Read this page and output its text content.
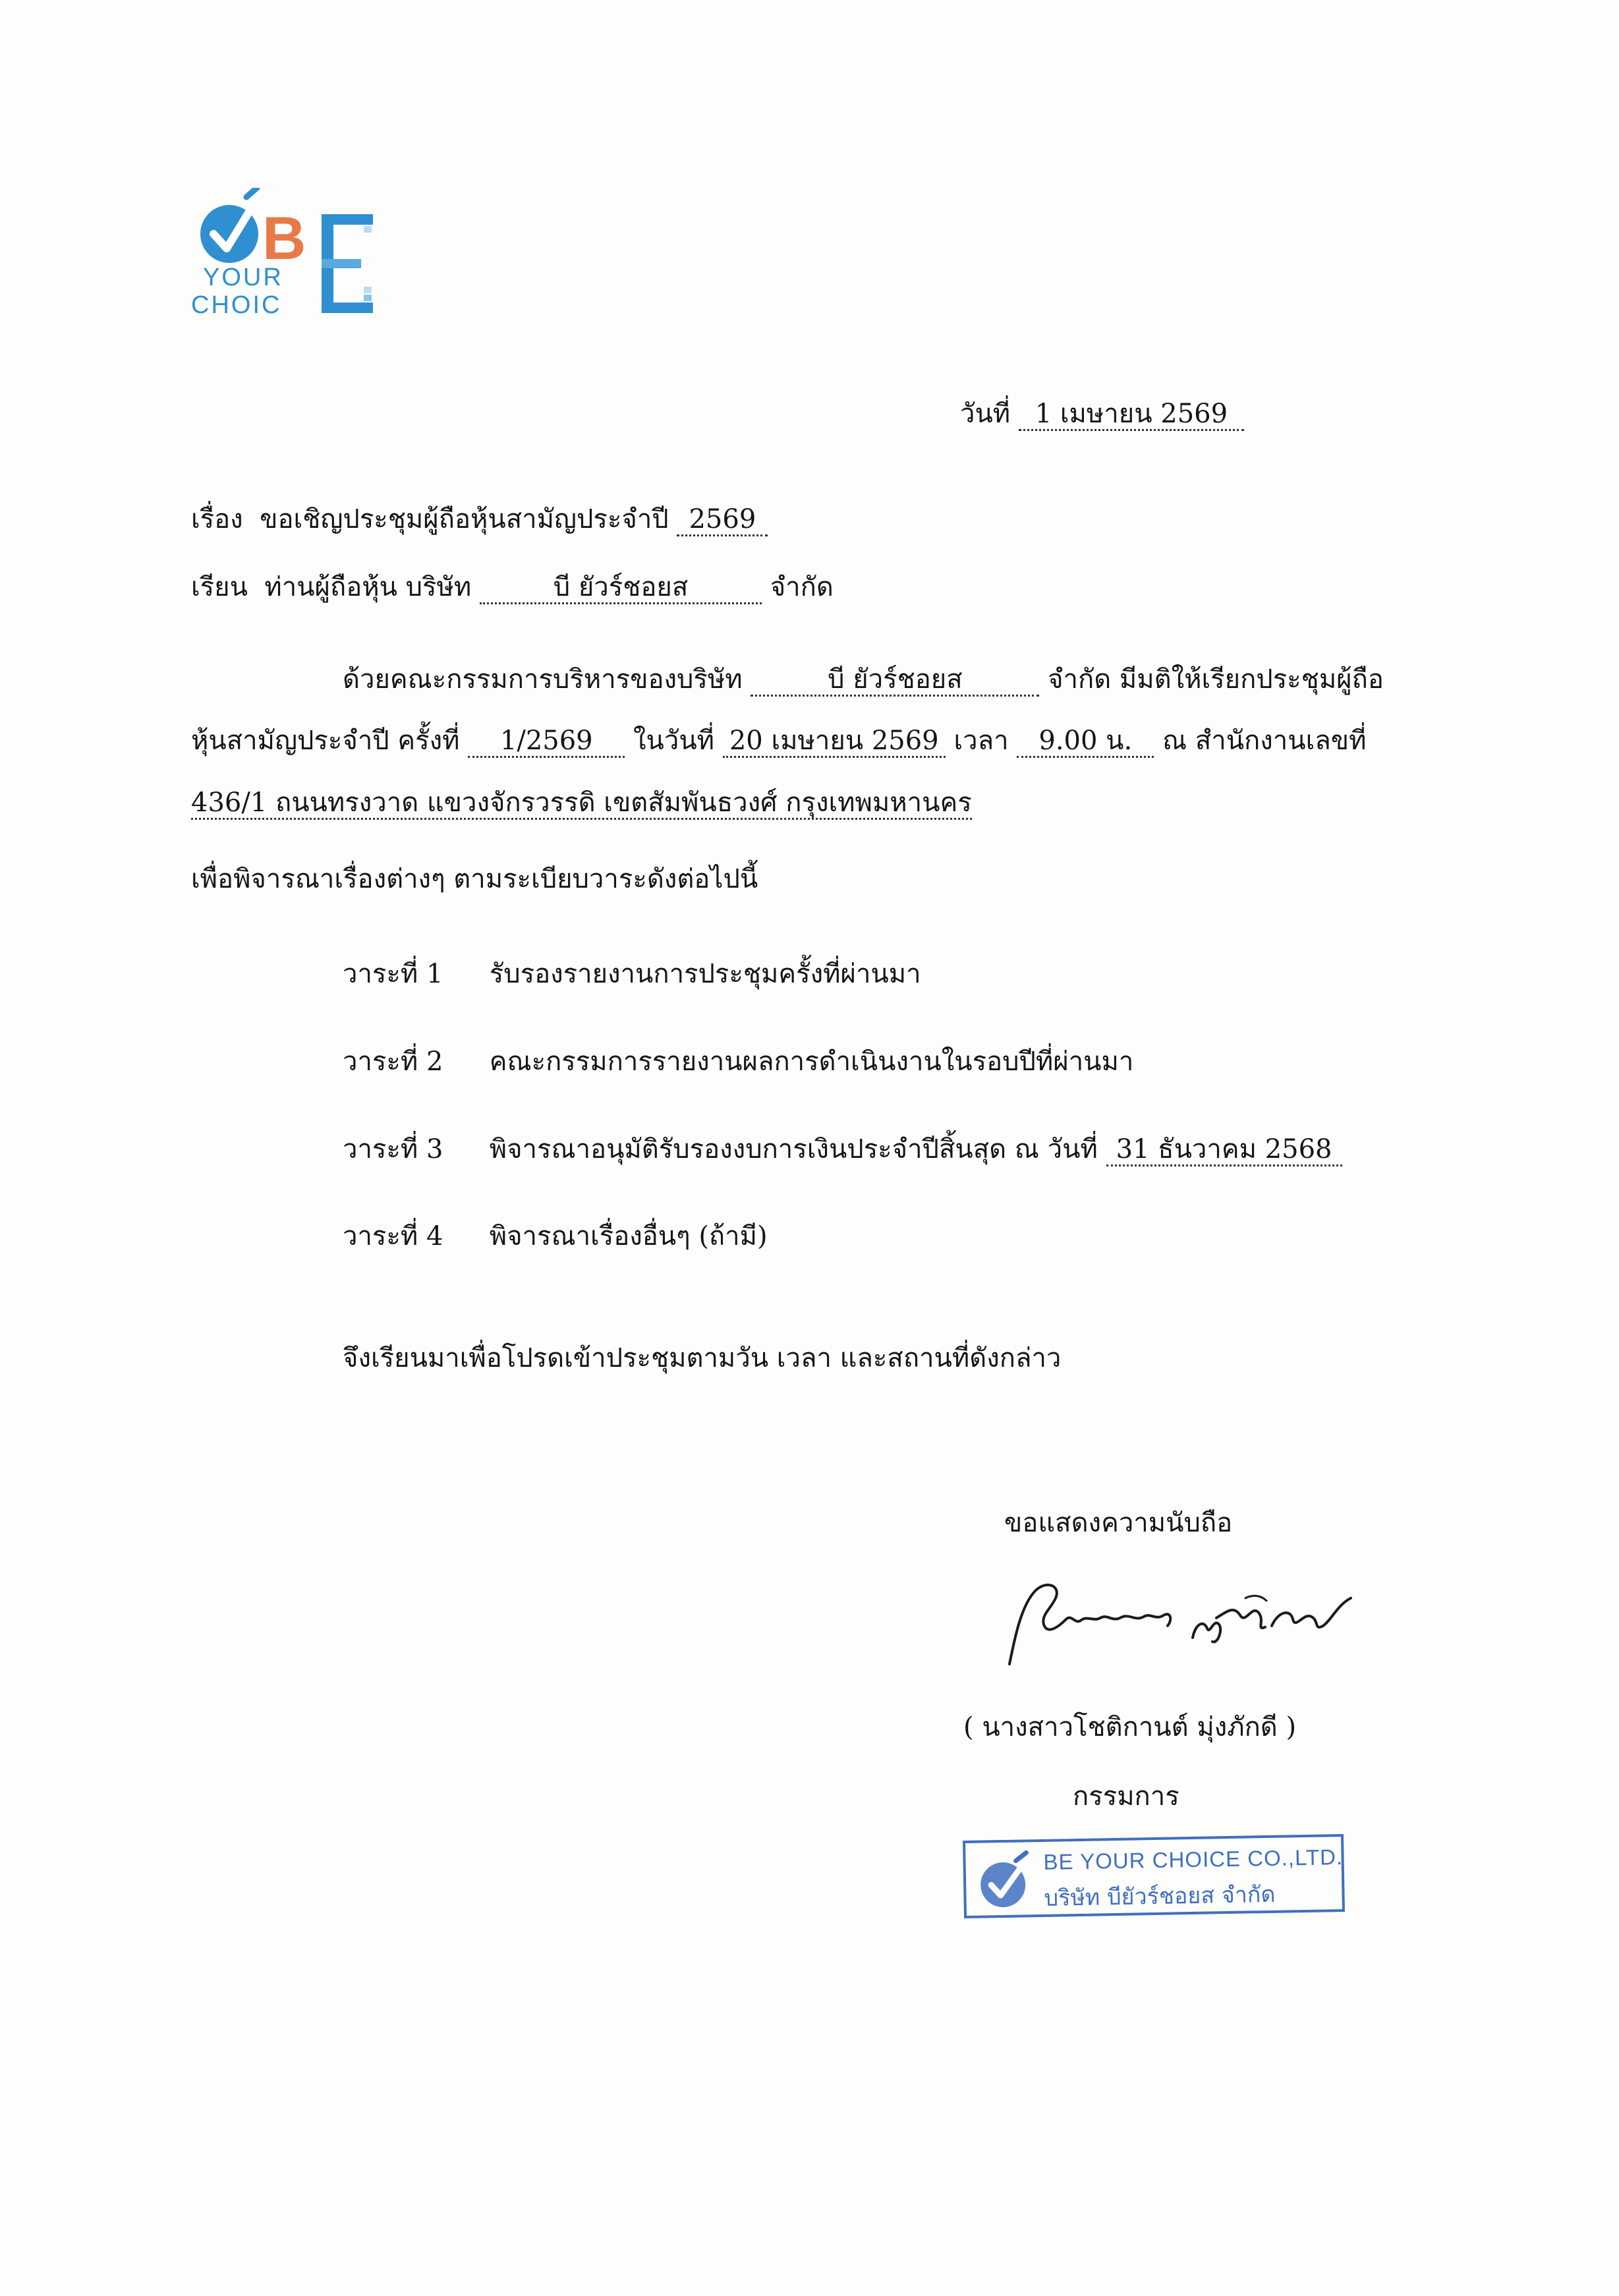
B
YOUR
CHOIC
วันที่ 1 เมษายน 2569
เรื่อง ขอเชิญประชุมผู้ถือหุ้นสามัญประจำปี 2569
เรียน ท่านผู้ถือหุ้น บริษัท	บี ยัวร์ชอยส	จำกัด
ด้วยคณะกรรมการบริหารของบริษัท	บี ยัวร์ชอยส	จำกัด มีมติให้เรียกประชุมผู้ถือ
หุ้นสามัญประจำปี ครั้งที่ 1/2569 ในวันที่ 20 เมษายน 2569 เวลา 9.00 น. ณ สำนักงานเลขที่
436/1 ถนนทรงวาด แขวงจักรวรรดิ เขตสัมพันธวงศ์ กรุงเทพมหานคร
เพื่อพิจารณาเรื่องต่างๆ ตามระเบียบวาระดังต่อไปนี้
วาระที่ 1 รับรองรายงานการประชุมครั้งที่ผ่านมา
วาระที่ 2 คณะกรรมการรายงานผลการดำเนินงานในรอบปีที่ผ่านมา
วาระที่ 3 พิจารณาอนุมัติรับรองงบการเงินประจำปีสิ้นสุด ณ วันที่ 31 ธันวาคม 2568
วาระที่ 4 พิจารณาเรื่องอื่นๆ (ถ้ามี)
จึงเรียนมาเพื่อโปรดเข้าประชุมตามวัน เวลา และสถานที่ดังกล่าว
ขอแสดงความนับถือ
( นางสาวโชติกานต์ มุ่งภักดี )
กรรมการ
BE YOUR CHOICE CO.,LTD.
บริษัท บียัวร์ชอยส จำกัด
